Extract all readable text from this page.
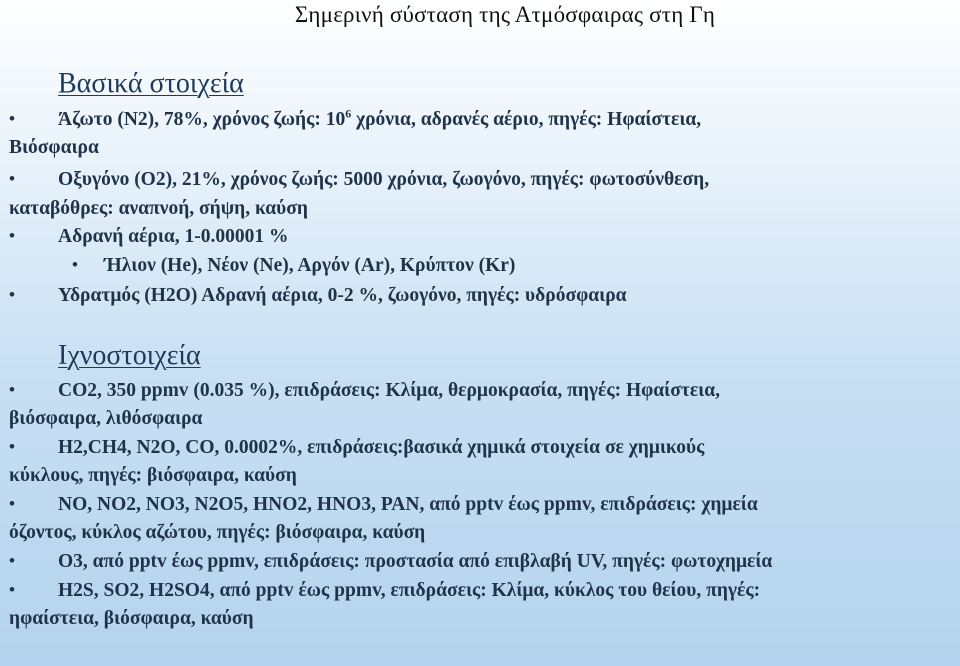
Σημερινή σύσταση της Ατμόσφαιρας στη Γη
Βασικά στοιχεία
• Άζωτο (N2), 78%, χρόνος ζωής: $10^6$ χρόνια, αδρανές αέριο, πηγές: Ηφαίστεια,
Βιόσφαιρα
• Οξυγόνο (O2), 21%, χρόνος ζωής: 5000 χρόνια, ζωογόνο, πηγές: φωτοσύνθεση,
καταβόθρες: αναπνοή, σήψη, καύση
• Αδρανή αέρια, 1-0.00001 %
• Ήλιον (He), Νέον (Ne), Αργόν (Ar), Κρύπτον (Kr)
• Υδρατμός (H2O) Αδρανή αέρια, 0-2 %, ζωογόνο, πηγές: υδρόσφαιρα
Ιχνοστοιχεία
• CO2, 350 ppmv (0.035 %), επιδράσεις: Κλίμα, θερμοκρασία, πηγές: Ηφαίστεια,
βιόσφαιρα, λιθόσφαιρα
• H2,CH4, N2O, CO, 0.0002%, επιδράσεις:βασικά χημικά στοιχεία σε χημικούς
κύκλους, πηγές: βιόσφαιρα, καύση
• NO, NO2, NO3, N2O5, HNO2, HNO3, PAN, από pptv έως ppmv, επιδράσεις: χημεία
όζοντος, κύκλος αζώτου, πηγές: βιόσφαιρα, καύση
• O3, από pptv έως ppmv, επιδράσεις: προστασία από επιβλαβή UV, πηγές: φωτοχημεία
• H2S, SO2, H2SO4, από pptv έως ppmv, επιδράσεις: Κλίμα, κύκλος του θείου, πηγές:
ηφαίστεια, βιόσφαιρα, καύση
